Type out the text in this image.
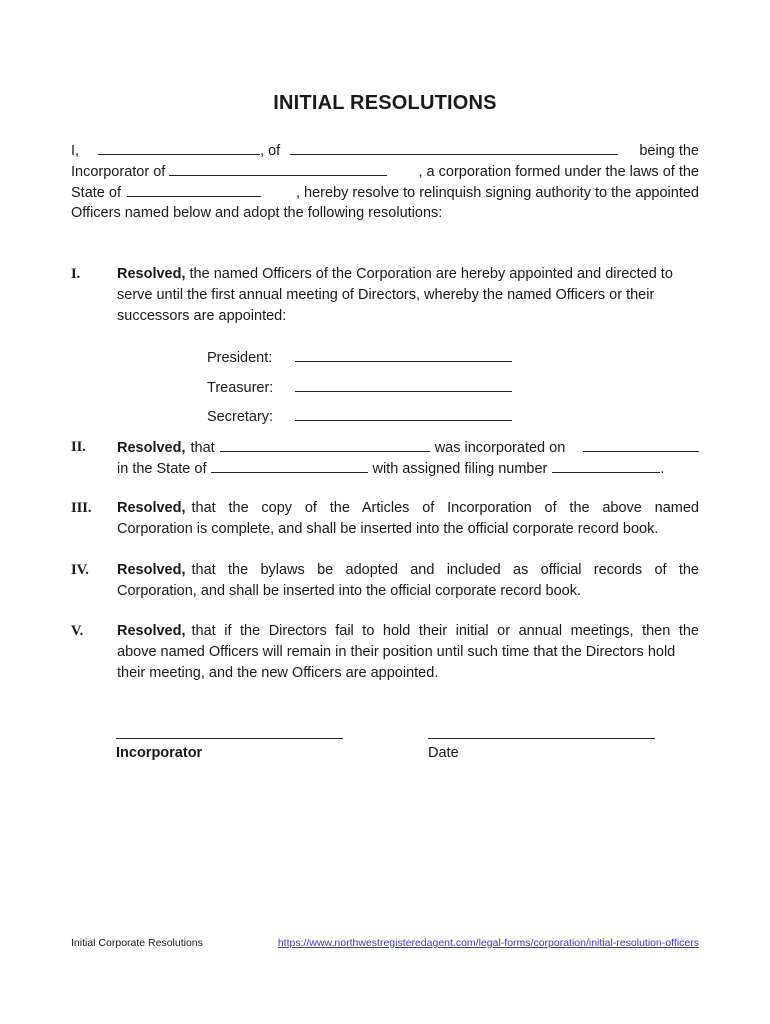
INITIAL RESOLUTIONS
I,	, of	being the
Incorporator of	, a corporation formed under the laws of the
State of	, hereby resolve to relinquish signing authority to the appointed
Officers named below and adopt the following resolutions:
I.	Resolved, the named Officers of the Corporation are hereby appointed and directed to
serve until the first annual meeting of Directors, whereby the named Officers or their
successors are appointed:
President:
Treasurer:
Secretary:
II. Resolved, that	was incorporated on
in the State of	with assigned filing number	.
III. Resolved, that the copy of the Articles of Incorporation of the above named
Corporation is complete, and shall be inserted into the official corporate record book.
IV. Resolved, that the bylaws be adopted and included as official records of the
Corporation, and shall be inserted into the official corporate record book.
V. Resolved, that if the Directors fail to hold their initial or annual meetings, then the
above named Officers will remain in their position until such time that the Directors hold
their meeting, and the new Officers are appointed.
Incorporator	Date
Initial Corporate Resolutions	https://www.northwestregisteredagent.com/legal-forms/corporation/initial-resolution-officers
